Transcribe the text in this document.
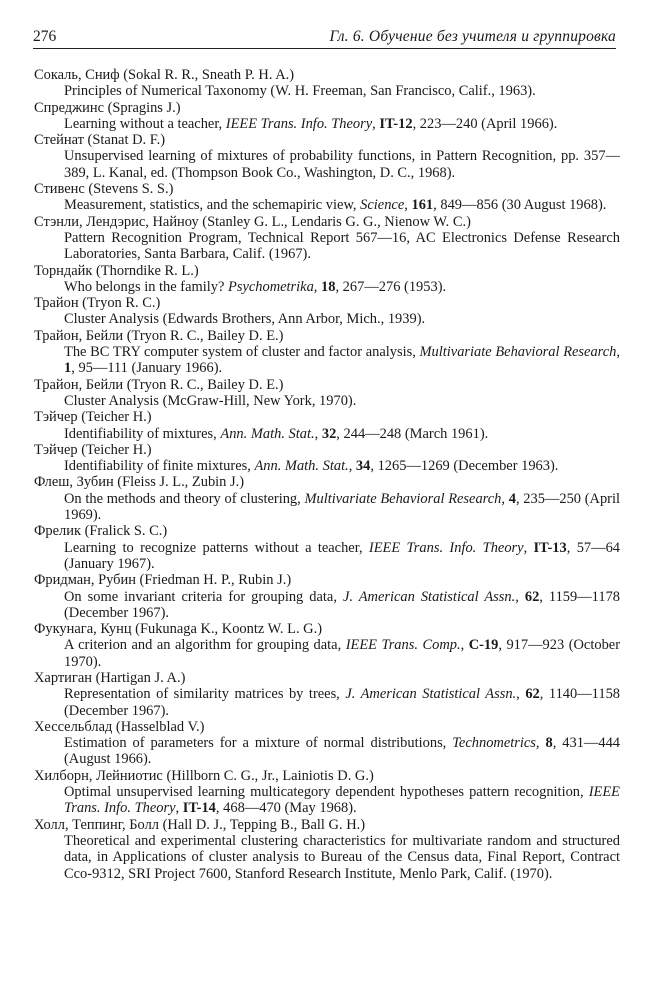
276	Гл. 6. Обучение без учителя и группировка
Сокаль, Сниф (Sokal R. R., Sneath P. H. A.)
Principles of Numerical Taxonomy (W. H. Freeman, San Francisco, Calif., 1963).
Спреджинс (Spragins J.)
Learning without a teacher, IEEE Trans. Info. Theory, IT-12, 223—240 (April 1966).
Стейнат (Stanat D. F.)
Unsupervised learning of mixtures of probability functions, in Pattern Recognition, pp. 357—389, L. Kanal, ed. (Thompson Book Co., Washington, D. C., 1968).
Стивенс (Stevens S. S.)
Measurement, statistics, and the schemapiric view, Science, 161, 849—856 (30 August 1968).
Стэнли, Лендэрис, Найноу (Stanley G. L., Lendaris G. G., Nienow W. C.)
Pattern Recognition Program, Technical Report 567—16, AC Electronics Defense Research Laboratories, Santa Barbara, Calif. (1967).
Торндайк (Thorndike R. L.)
Who belongs in the family? Psychometrika, 18, 267—276 (1953).
Трайон (Tryon R. C.)
Cluster Analysis (Edwards Brothers, Ann Arbor, Mich., 1939).
Трайон, Бейли (Tryon R. C., Bailey D. E.)
The BC TRY computer system of cluster and factor analysis, Multivariate Behavioral Research, 1, 95—111 (January 1966).
Трайон, Бейли (Tryon R. C., Bailey D. E.)
Cluster Analysis (McGraw-Hill, New York, 1970).
Тэйчер (Teicher H.)
Identifiability of mixtures, Ann. Math. Stat., 32, 244—248 (March 1961).
Тэйчер (Teicher H.)
Identifiability of finite mixtures, Ann. Math. Stat., 34, 1265—1269 (December 1963).
Флеш, Зубин (Fleiss J. L., Zubin J.)
On the methods and theory of clustering, Multivariate Behavioral Research, 4, 235—250 (April 1969).
Фрелик (Fralick S. C.)
Learning to recognize patterns without a teacher, IEEE Trans. Info. Theory, IT-13, 57—64 (January 1967).
Фридман, Рубин (Friedman H. P., Rubin J.)
On some invariant criteria for grouping data, J. American Statistical Assn., 62, 1159—1178 (December 1967).
Фукунага, Кунц (Fukunaga K., Koontz W. L. G.)
A criterion and an algorithm for grouping data, IEEE Trans. Comp., C-19, 917—923 (October 1970).
Хартиган (Hartigan J. A.)
Representation of similarity matrices by trees, J. American Statistical Assn., 62, 1140—1158 (December 1967).
Хессельблад (Hasselblad V.)
Estimation of parameters for a mixture of normal distributions, Technometrics, 8, 431—444 (August 1966).
Хилборн, Лейниотис (Hillborn C. G., Jr., Lainiotis D. G.)
Optimal unsupervised learning multicategory dependent hypotheses pattern recognition, IEEE Trans. Info. Theory, IT-14, 468—470 (May 1968).
Холл, Теппинг, Болл (Hall D. J., Tepping B., Ball G. H.)
Theoretical and experimental clustering characteristics for multivariate random and structured data, in Applications of cluster analysis to Bureau of the Census data, Final Report, Contract Cco-9312, SRI Project 7600, Stanford Research Institute, Menlo Park, Calif. (1970).
